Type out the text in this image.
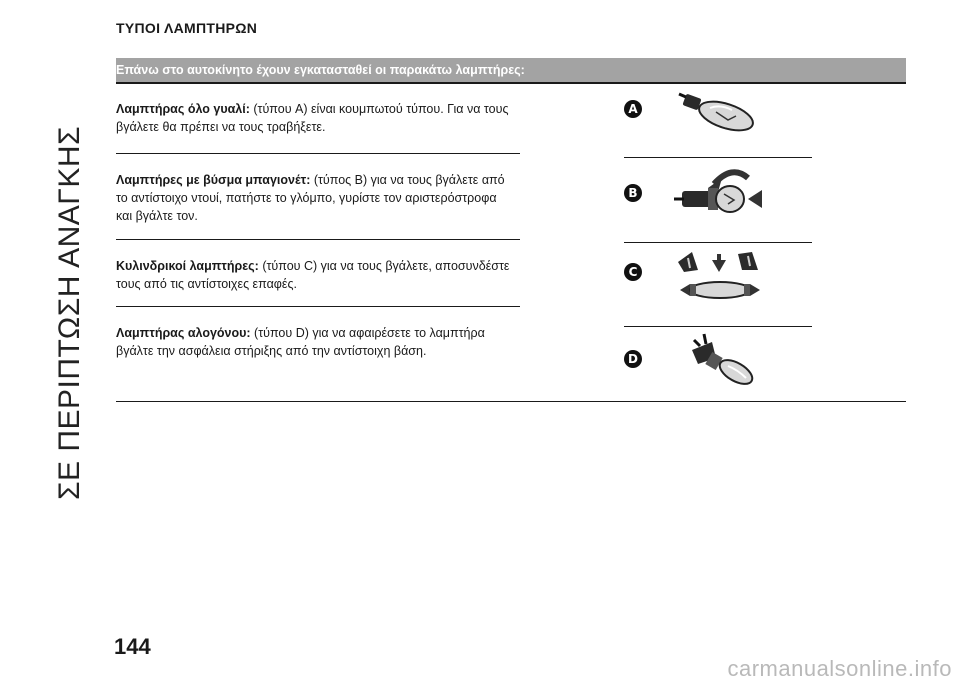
ΣΕ ΠΕΡΙΠΤΩΣΗ ΑΝΑΓΚΗΣ
ΤΥΠΟΙ ΛΑΜΠΤΗΡΩΝ
Επάνω στο αυτοκίνητο έχουν εγκατασταθεί οι παρακάτω λαμπτήρες:
Λαμπτήρας όλο γυαλί: (τύπου A) είναι κουμπωτού τύπου. Για να τους βγάλετε θα πρέπει να τους τραβήξετε.
Λαμπτήρες με βύσμα μπαγιονέτ: (τύπος B) για να τους βγάλετε από το αντίστοιχο ντουί, πατήστε το γλόμπο, γυρίστε τον αριστερόστροφα και βγάλτε τον.
Κυλινδρικοί λαμπτήρες: (τύπου C) για να τους βγάλετε, αποσυνδέστε τους από τις αντίστοιχες επαφές.
Λαμπτήρας αλογόνου: (τύπου D) για να αφαιρέσετε το λαμπτήρα βγάλτε την ασφάλεια στήριξης από την αντίστοιχη βάση.
A
B
C
D
144
carmanualsonline.info
